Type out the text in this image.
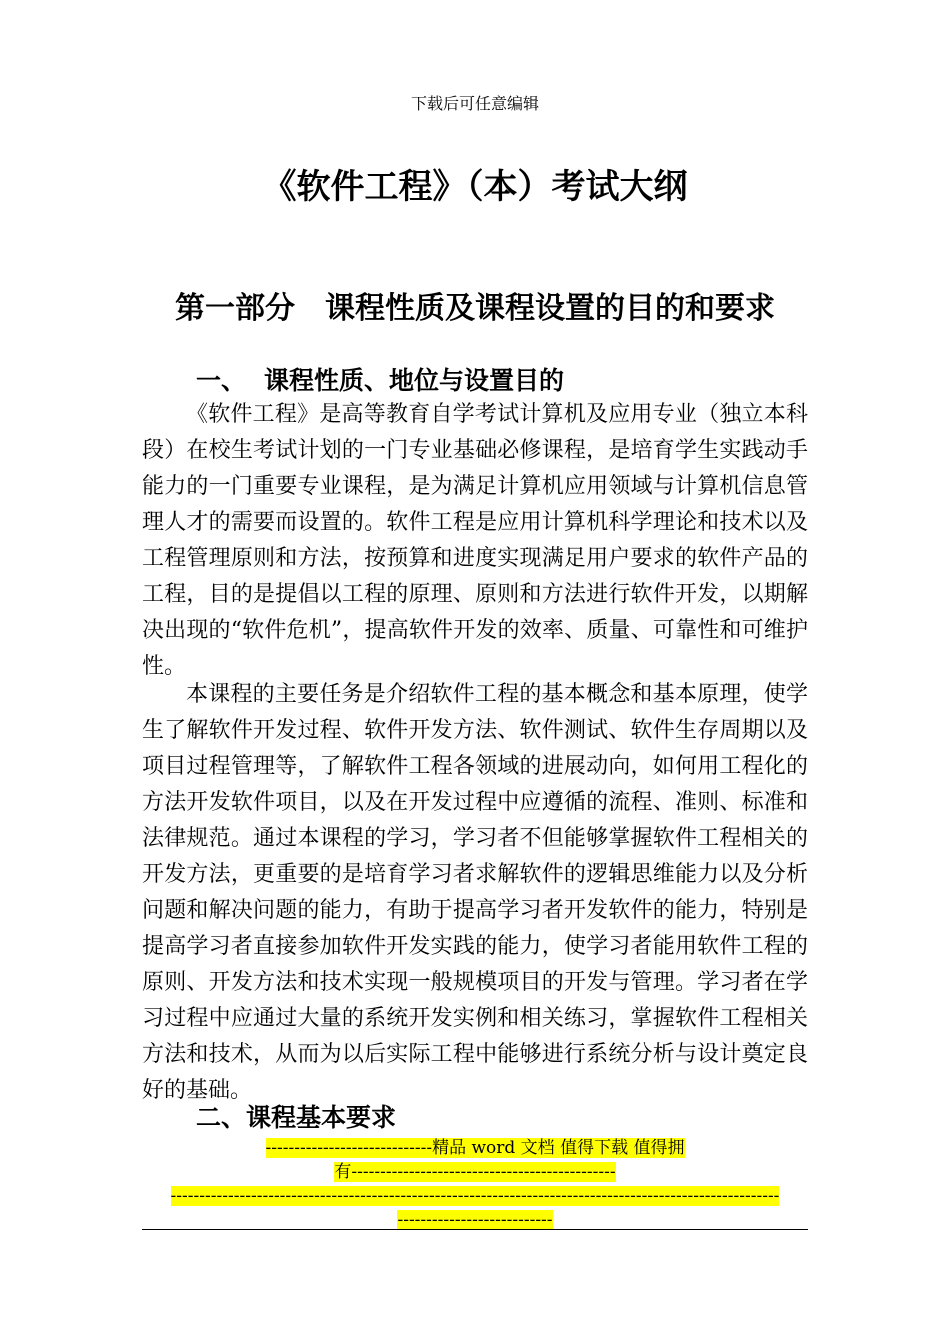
下载后可任意编辑
《软件工程》（本）考试大纲
第一部分　课程性质及课程设置的目的和要求
一、 课程性质、地位与设置目的

《软件工程》是高等教育自学考试计算机及应用专业（独立本科段）在校生考试计划的一门专业基础必修课程，是培育学生实践动手能力的一门重要专业课程，是为满足计算机应用领域与计算机信息管理人才的需要而设置的。软件工程是应用计算机科学理论和技术以及工程管理原则和方法，按预算和进度实现满足用户要求的软件产品的工程，目的是提倡以工程的原理、原则和方法进行软件开发，以期解决出现的“软件危机”，提高软件开发的效率、质量、可靠性和可维护性。

本课程的主要任务是介绍软件工程的基本概念和基本原理，使学生了解软件开发过程、软件开发方法、软件测试、软件生存周期以及项目过程管理等，了解软件工程各领域的进展动向，如何用工程化的方法开发软件项目，以及在开发过程中应遵循的流程、准则、标准和法律规范。通过本课程的学习，学习者不但能够掌握软件工程相关的开发方法，更重要的是培育学习者求解软件的逻辑思维能力以及分析问题和解决问题的能力，有助于提高学习者开发软件的能力，特别是提高学习者直接参加软件开发实践的能力，使学习者能用软件工程的原则、开发方法和技术实现一般规模项目的开发与管理。学习者在学习过程中应通过大量的系统开发实例和相关练习，掌握软件工程相关方法和技术，从而为以后实际工程中能够进行系统分析与设计奠定良好的基础。

二、课程基本要求
-----------------------------精品 word 文档 值得下载 值得拥
有----------------------------------------------
----------------------------------------------------------------------------------------------------------
---------------------------
